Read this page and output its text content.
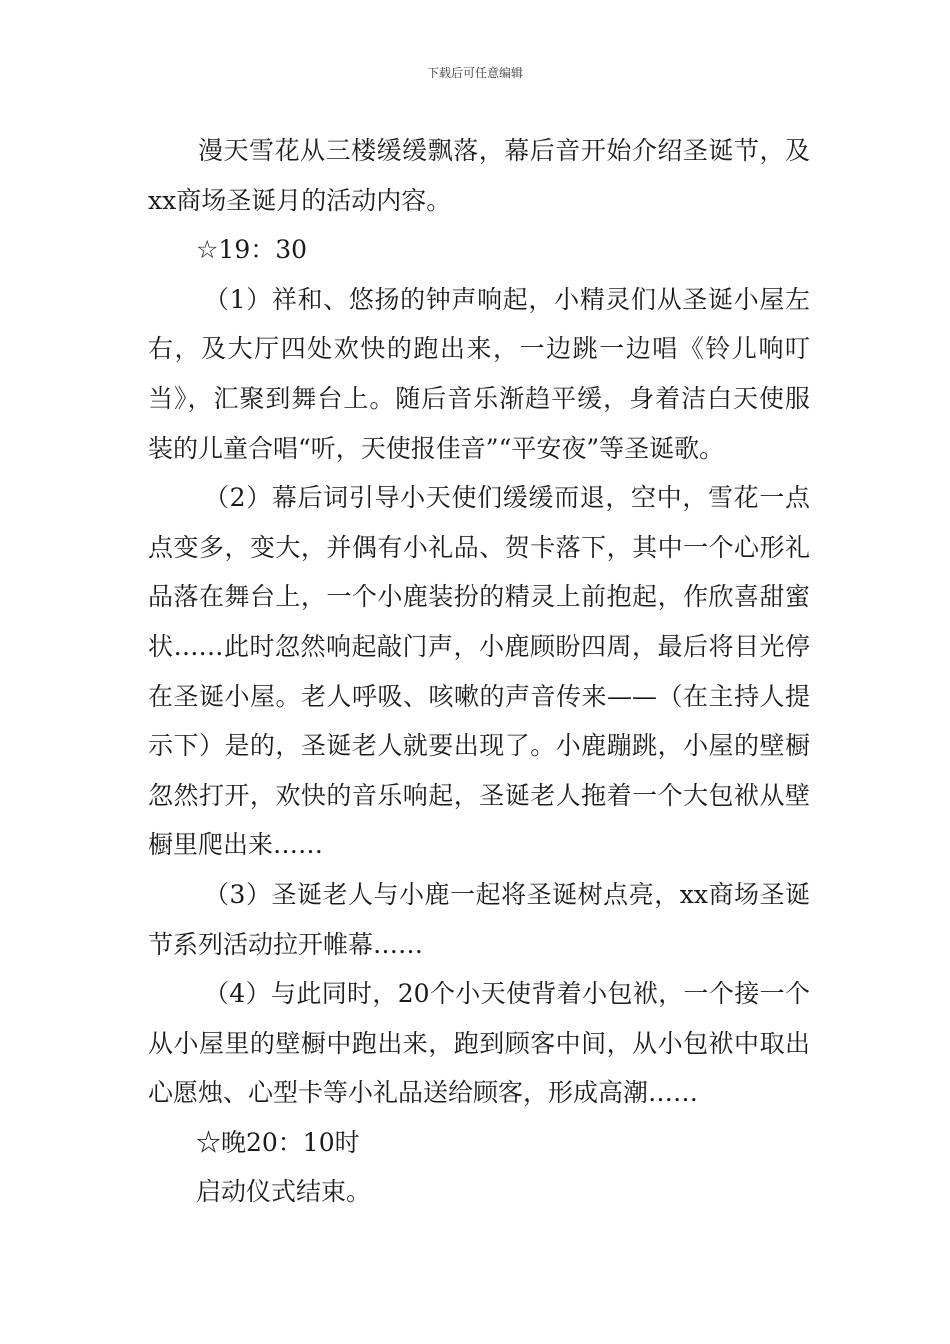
下载后可任意编辑

漫天雪花从三楼缓缓飘落，幕后音开始介绍圣诞节，及xx商场圣诞月的活动内容。

☆19：30

（1）祥和、悠扬的钟声响起，小精灵们从圣诞小屋左右，及大厅四处欢快的跑出来，一边跳一边唱《铃儿响叮当》，汇聚到舞台上。随后音乐渐趋平缓，身着洁白天使服装的儿童合唱“听，天使报佳音”“平安夜”等圣诞歌。

（2）幕后词引导小天使们缓缓而退，空中，雪花一点点变多，变大，并偶有小礼品、贺卡落下，其中一个心形礼品落在舞台上，一个小鹿装扮的精灵上前抱起，作欣喜甜蜜状……此时忽然响起敲门声，小鹿顾盼四周，最后将目光停在圣诞小屋。老人呼吸、咳嗽的声音传来——（在主持人提示下）是的，圣诞老人就要出现了。小鹿蹦跳，小屋的壁橱忽然打开，欢快的音乐响起，圣诞老人拖着一个大包袱从壁橱里爬出来……

（3）圣诞老人与小鹿一起将圣诞树点亮，xx商场圣诞节系列活动拉开帷幕……

（4）与此同时，20个小天使背着小包袱，一个接一个从小屋里的壁橱中跑出来，跑到顾客中间，从小包袱中取出心愿烛、心型卡等小礼品送给顾客，形成高潮……

☆晚20：10时

启动仪式结束。
